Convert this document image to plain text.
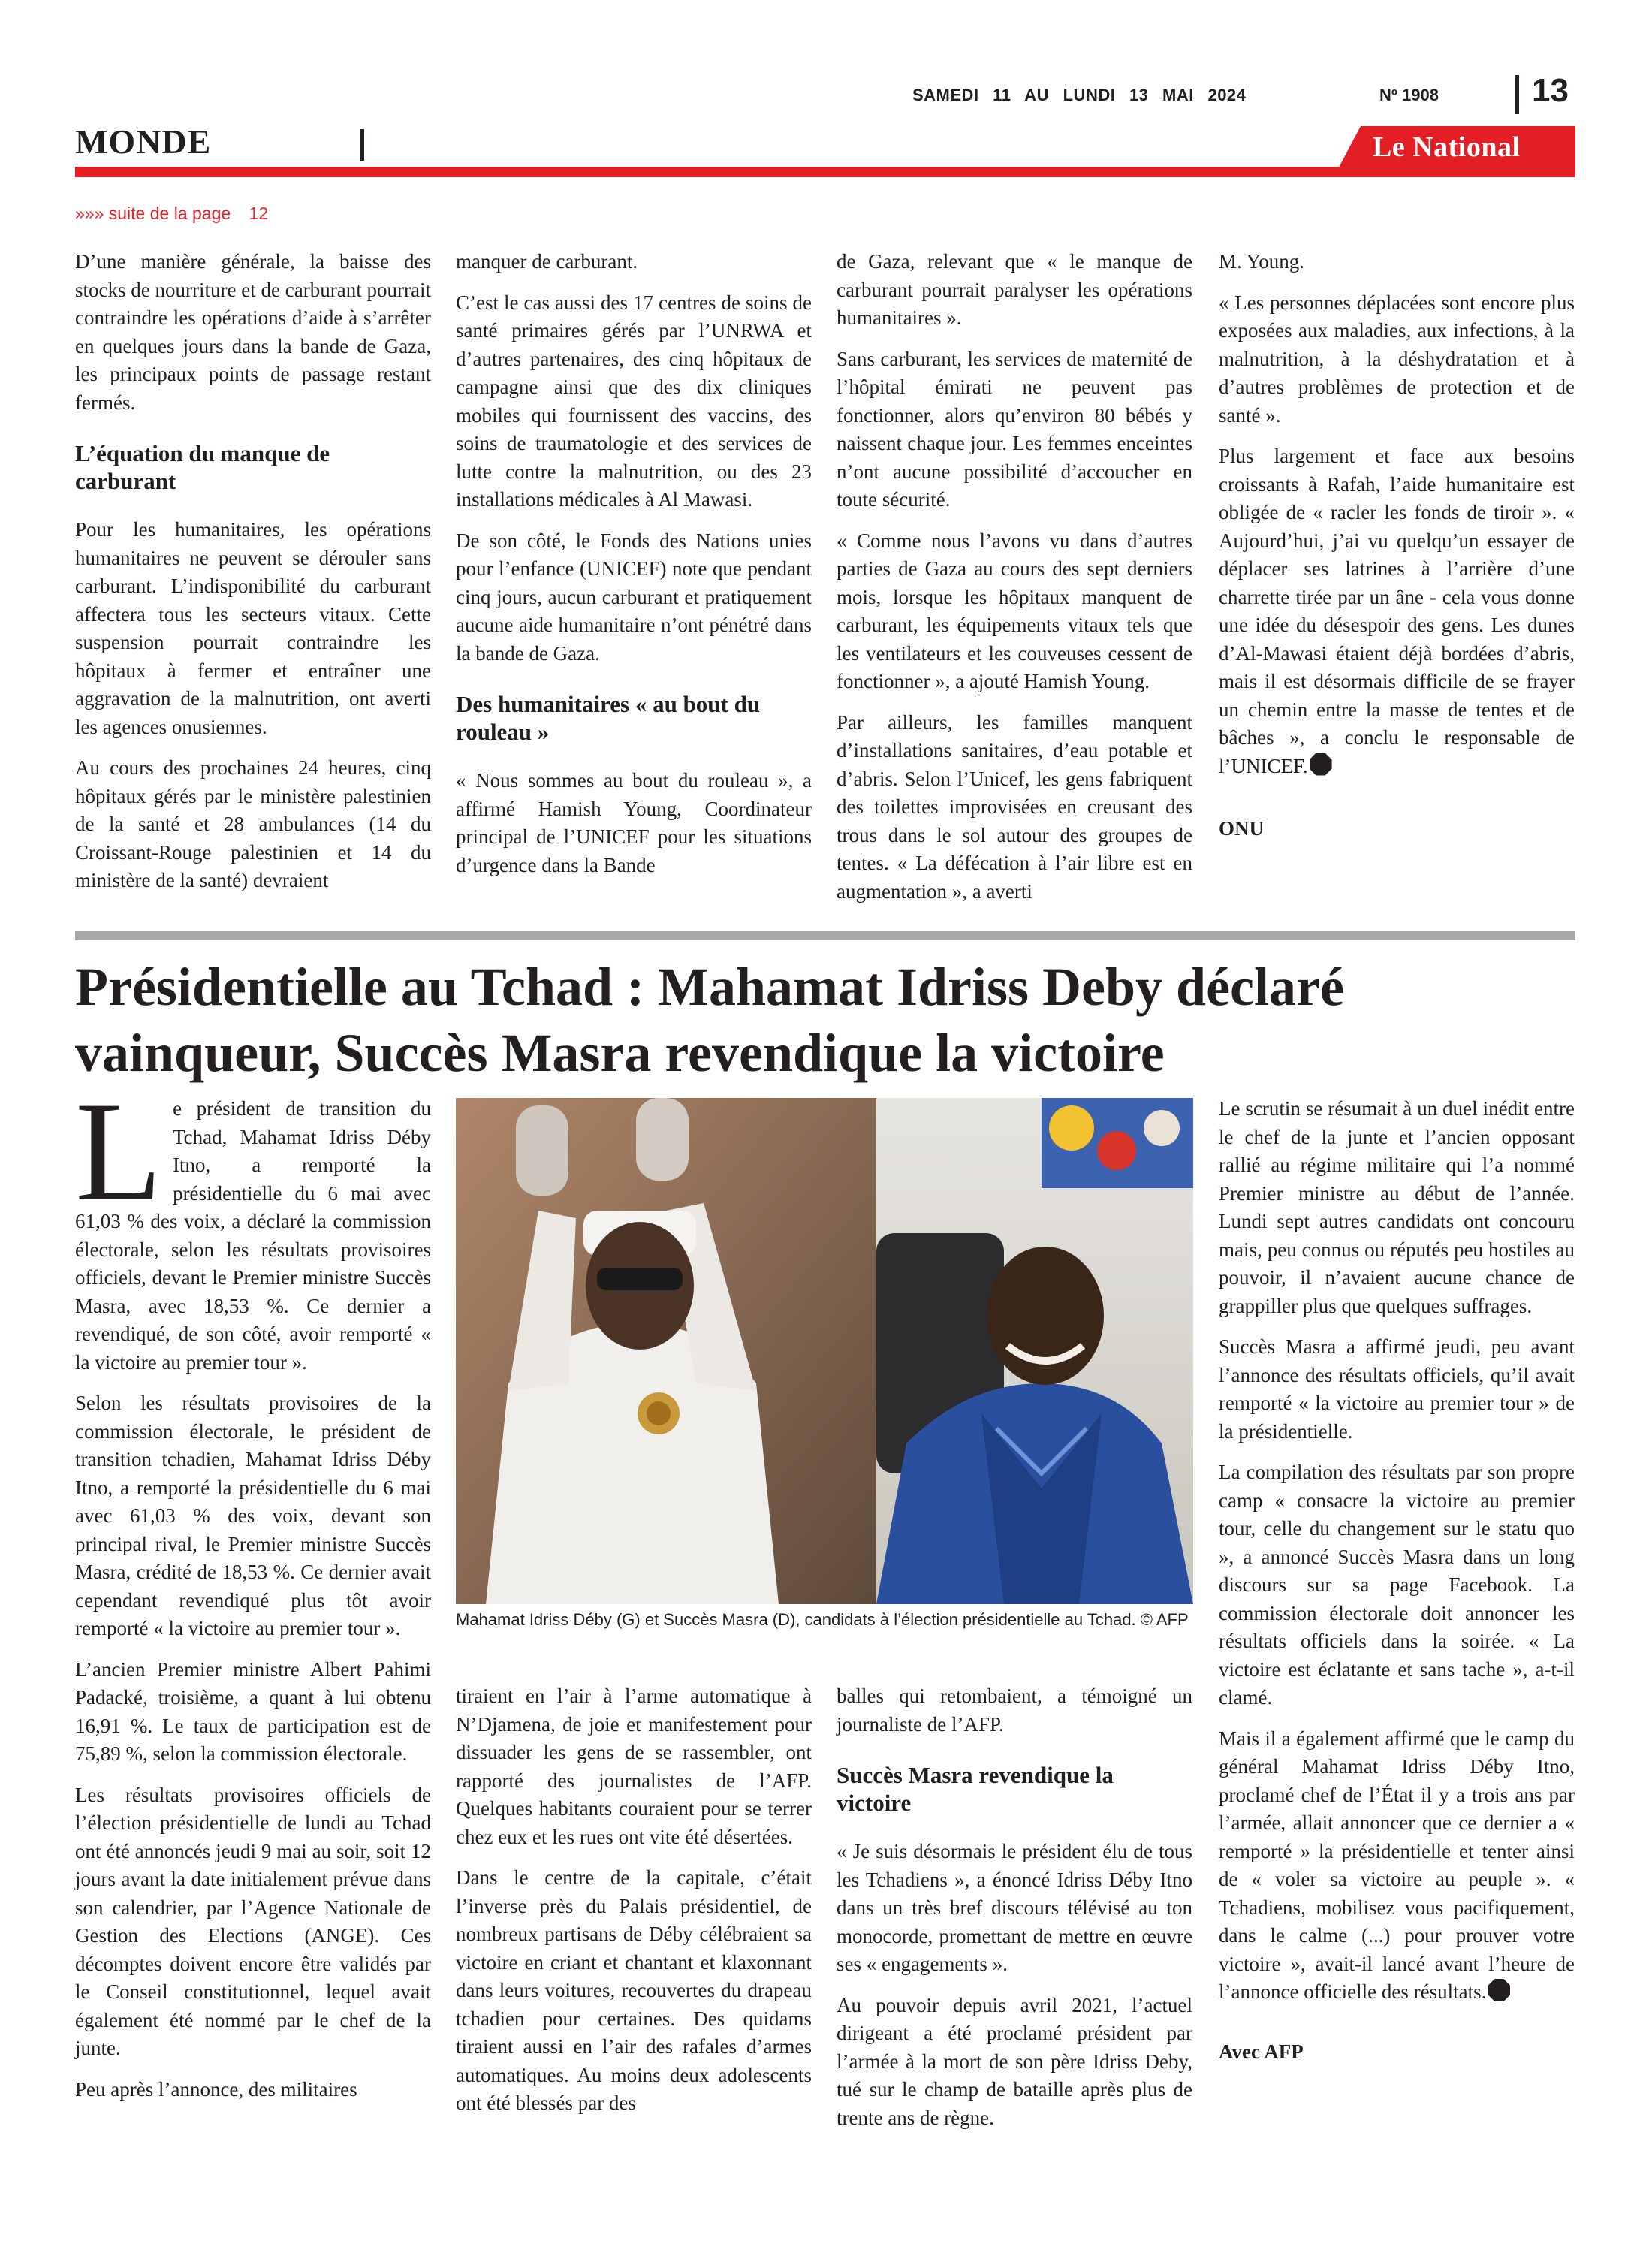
SAMEDI 11 AU LUNDI 13 MAI 2024	Nº 1908	13
MONDE	Le National
»»» suite de la page 12

D’une manière générale, la baisse des stocks de nourriture et de carburant pourrait contraindre les opérations d’aide à s’arrêter en quelques jours dans la bande de Gaza, les principaux points de passage restant fermés.

L’équation du manque de carburant

Pour les humanitaires, les opérations humanitaires ne peuvent se dérouler sans carburant. L’indisponibilité du carburant affectera tous les secteurs vitaux. Cette suspension pourrait contraindre les hôpitaux à fermer et entraîner une aggravation de la malnutrition, ont averti les agences onusiennes.

Au cours des prochaines 24 heures, cinq hôpitaux gérés par le ministère palestinien de la santé et 28 ambulances (14 du Croissant-Rouge palestinien et 14 du ministère de la santé) devraient

manquer de carburant.

C’est le cas aussi des 17 centres de soins de santé primaires gérés par l’UNRWA et d’autres partenaires, des cinq hôpitaux de campagne ainsi que des dix cliniques mobiles qui fournissent des vaccins, des soins de traumatologie et des services de lutte contre la malnutrition, ou des 23 installations médicales à Al Mawasi.

De son côté, le Fonds des Nations unies pour l’enfance (UNICEF) note que pendant cinq jours, aucun carburant et pratiquement aucune aide humanitaire n’ont pénétré dans la bande de Gaza.

Des humanitaires « au bout du rouleau »

« Nous sommes au bout du rouleau », a affirmé Hamish Young, Coordinateur principal de l’UNICEF pour les situations d’urgence dans la Bande

de Gaza, relevant que « le manque de carburant pourrait paralyser les opérations humanitaires ».

Sans carburant, les services de maternité de l’hôpital émirati ne peuvent pas fonctionner, alors qu’environ 80 bébés y naissent chaque jour. Les femmes enceintes n’ont aucune possibilité d’accoucher en toute sécurité.

« Comme nous l’avons vu dans d’autres parties de Gaza au cours des sept derniers mois, lorsque les hôpitaux manquent de carburant, les équipements vitaux tels que les ventilateurs et les couveuses cessent de fonctionner », a ajouté Hamish Young.

Par ailleurs, les familles manquent d’installations sanitaires, d’eau potable et d’abris. Selon l’Unicef, les gens fabriquent des toilettes improvisées en creusant des trous dans le sol autour des groupes de tentes. « La défécation à l’air libre est en augmentation », a averti

M. Young.

« Les personnes déplacées sont encore plus exposées aux maladies, aux infections, à la malnutrition, à la déshydratation et à d’autres problèmes de protection et de santé ».

Plus largement et face aux besoins croissants à Rafah, l’aide humanitaire est obligée de « racler les fonds de tiroir ». « Aujourd’hui, j’ai vu quelqu’un essayer de déplacer ses latrines à l’arrière d’une charrette tirée par un âne - cela vous donne une idée du désespoir des gens. Les dunes d’Al-Mawasi étaient déjà bordées d’abris, mais il est désormais difficile de se frayer un chemin entre la masse de tentes et de bâches », a conclu le responsable de l’UNICEF.

ONU
Présidentielle au Tchad : Mahamat Idriss Deby déclaré
vainqueur, Succès Masra revendique la victoire

Le président de transition du Tchad, Mahamat Idriss Déby Itno, a remporté la présidentielle du 6 mai avec 61,03 % des voix, a déclaré la commission électorale, selon les résultats provisoires officiels, devant le Premier ministre Succès Masra, avec 18,53 %. Ce dernier a revendiqué, de son côté, avoir remporté « la victoire au premier tour ».

Selon les résultats provisoires de la commission électorale, le président de transition tchadien, Mahamat Idriss Déby Itno, a remporté la présidentielle du 6 mai avec 61,03 % des voix, devant son principal rival, le Premier ministre Succès Masra, crédité de 18,53 %. Ce dernier avait cependant revendiqué plus tôt avoir remporté « la victoire au premier tour ».

L’ancien Premier ministre Albert Pahimi Padacké, troisième, a quant à lui obtenu 16,91 %. Le taux de participation est de 75,89 %, selon la commission électorale.

Les résultats provisoires officiels de l’élection présidentielle de lundi au Tchad ont été annoncés jeudi 9 mai au soir, soit 12 jours avant la date initialement prévue dans son calendrier, par l’Agence Nationale de Gestion des Elections (ANGE). Ces décomptes doivent encore être validés par le Conseil constitutionnel, lequel avait également été nommé par le chef de la junte.

Peu après l’annonce, des militaires

Mahamat Idriss Déby (G) et Succès Masra (D), candidats à l’élection présidentielle au Tchad. © AFP

tiraient en l’air à l’arme automatique à N’Djamena, de joie et manifestement pour dissuader les gens de se rassembler, ont rapporté des journalistes de l’AFP. Quelques habitants couraient pour se terrer chez eux et les rues ont vite été désertées.

Dans le centre de la capitale, c’était l’inverse près du Palais présidentiel, de nombreux partisans de Déby célébraient sa victoire en criant et chantant et klaxonnant dans leurs voitures, recouvertes du drapeau tchadien pour certaines. Des quidams tiraient aussi en l’air des rafales d’armes automatiques. Au moins deux adolescents ont été blessés par des

balles qui retombaient, a témoigné un journaliste de l’AFP.

Succès Masra revendique la victoire

« Je suis désormais le président élu de tous les Tchadiens », a énoncé Idriss Déby Itno dans un très bref discours télévisé au ton monocorde, promettant de mettre en œuvre ses « engagements ».

Au pouvoir depuis avril 2021, l’actuel dirigeant a été proclamé président par l’armée à la mort de son père Idriss Deby, tué sur le champ de bataille après plus de trente ans de règne.

Le scrutin se résumait à un duel inédit entre le chef de la junte et l’ancien opposant rallié au régime militaire qui l’a nommé Premier ministre au début de l’année. Lundi sept autres candidats ont concouru mais, peu connus ou réputés peu hostiles au pouvoir, il n’avaient aucune chance de grappiller plus que quelques suffrages.

Succès Masra a affirmé jeudi, peu avant l’annonce des résultats officiels, qu’il avait remporté « la victoire au premier tour » de la présidentielle.

La compilation des résultats par son propre camp « consacre la victoire au premier tour, celle du changement sur le statu quo », a annoncé Succès Masra dans un long discours sur sa page Facebook. La commission électorale doit annoncer les résultats officiels dans la soirée. « La victoire est éclatante et sans tache », a-t-il clamé.

Mais il a également affirmé que le camp du général Mahamat Idriss Déby Itno, proclamé chef de l’État il y a trois ans par l’armée, allait annoncer que ce dernier a « remporté » la présidentielle et tenter ainsi de « voler sa victoire au peuple ». « Tchadiens, mobilisez vous pacifiquement, dans le calme (...) pour prouver votre victoire », avait-il lancé avant l’heure de l’annonce officielle des résultats.

Avec AFP
